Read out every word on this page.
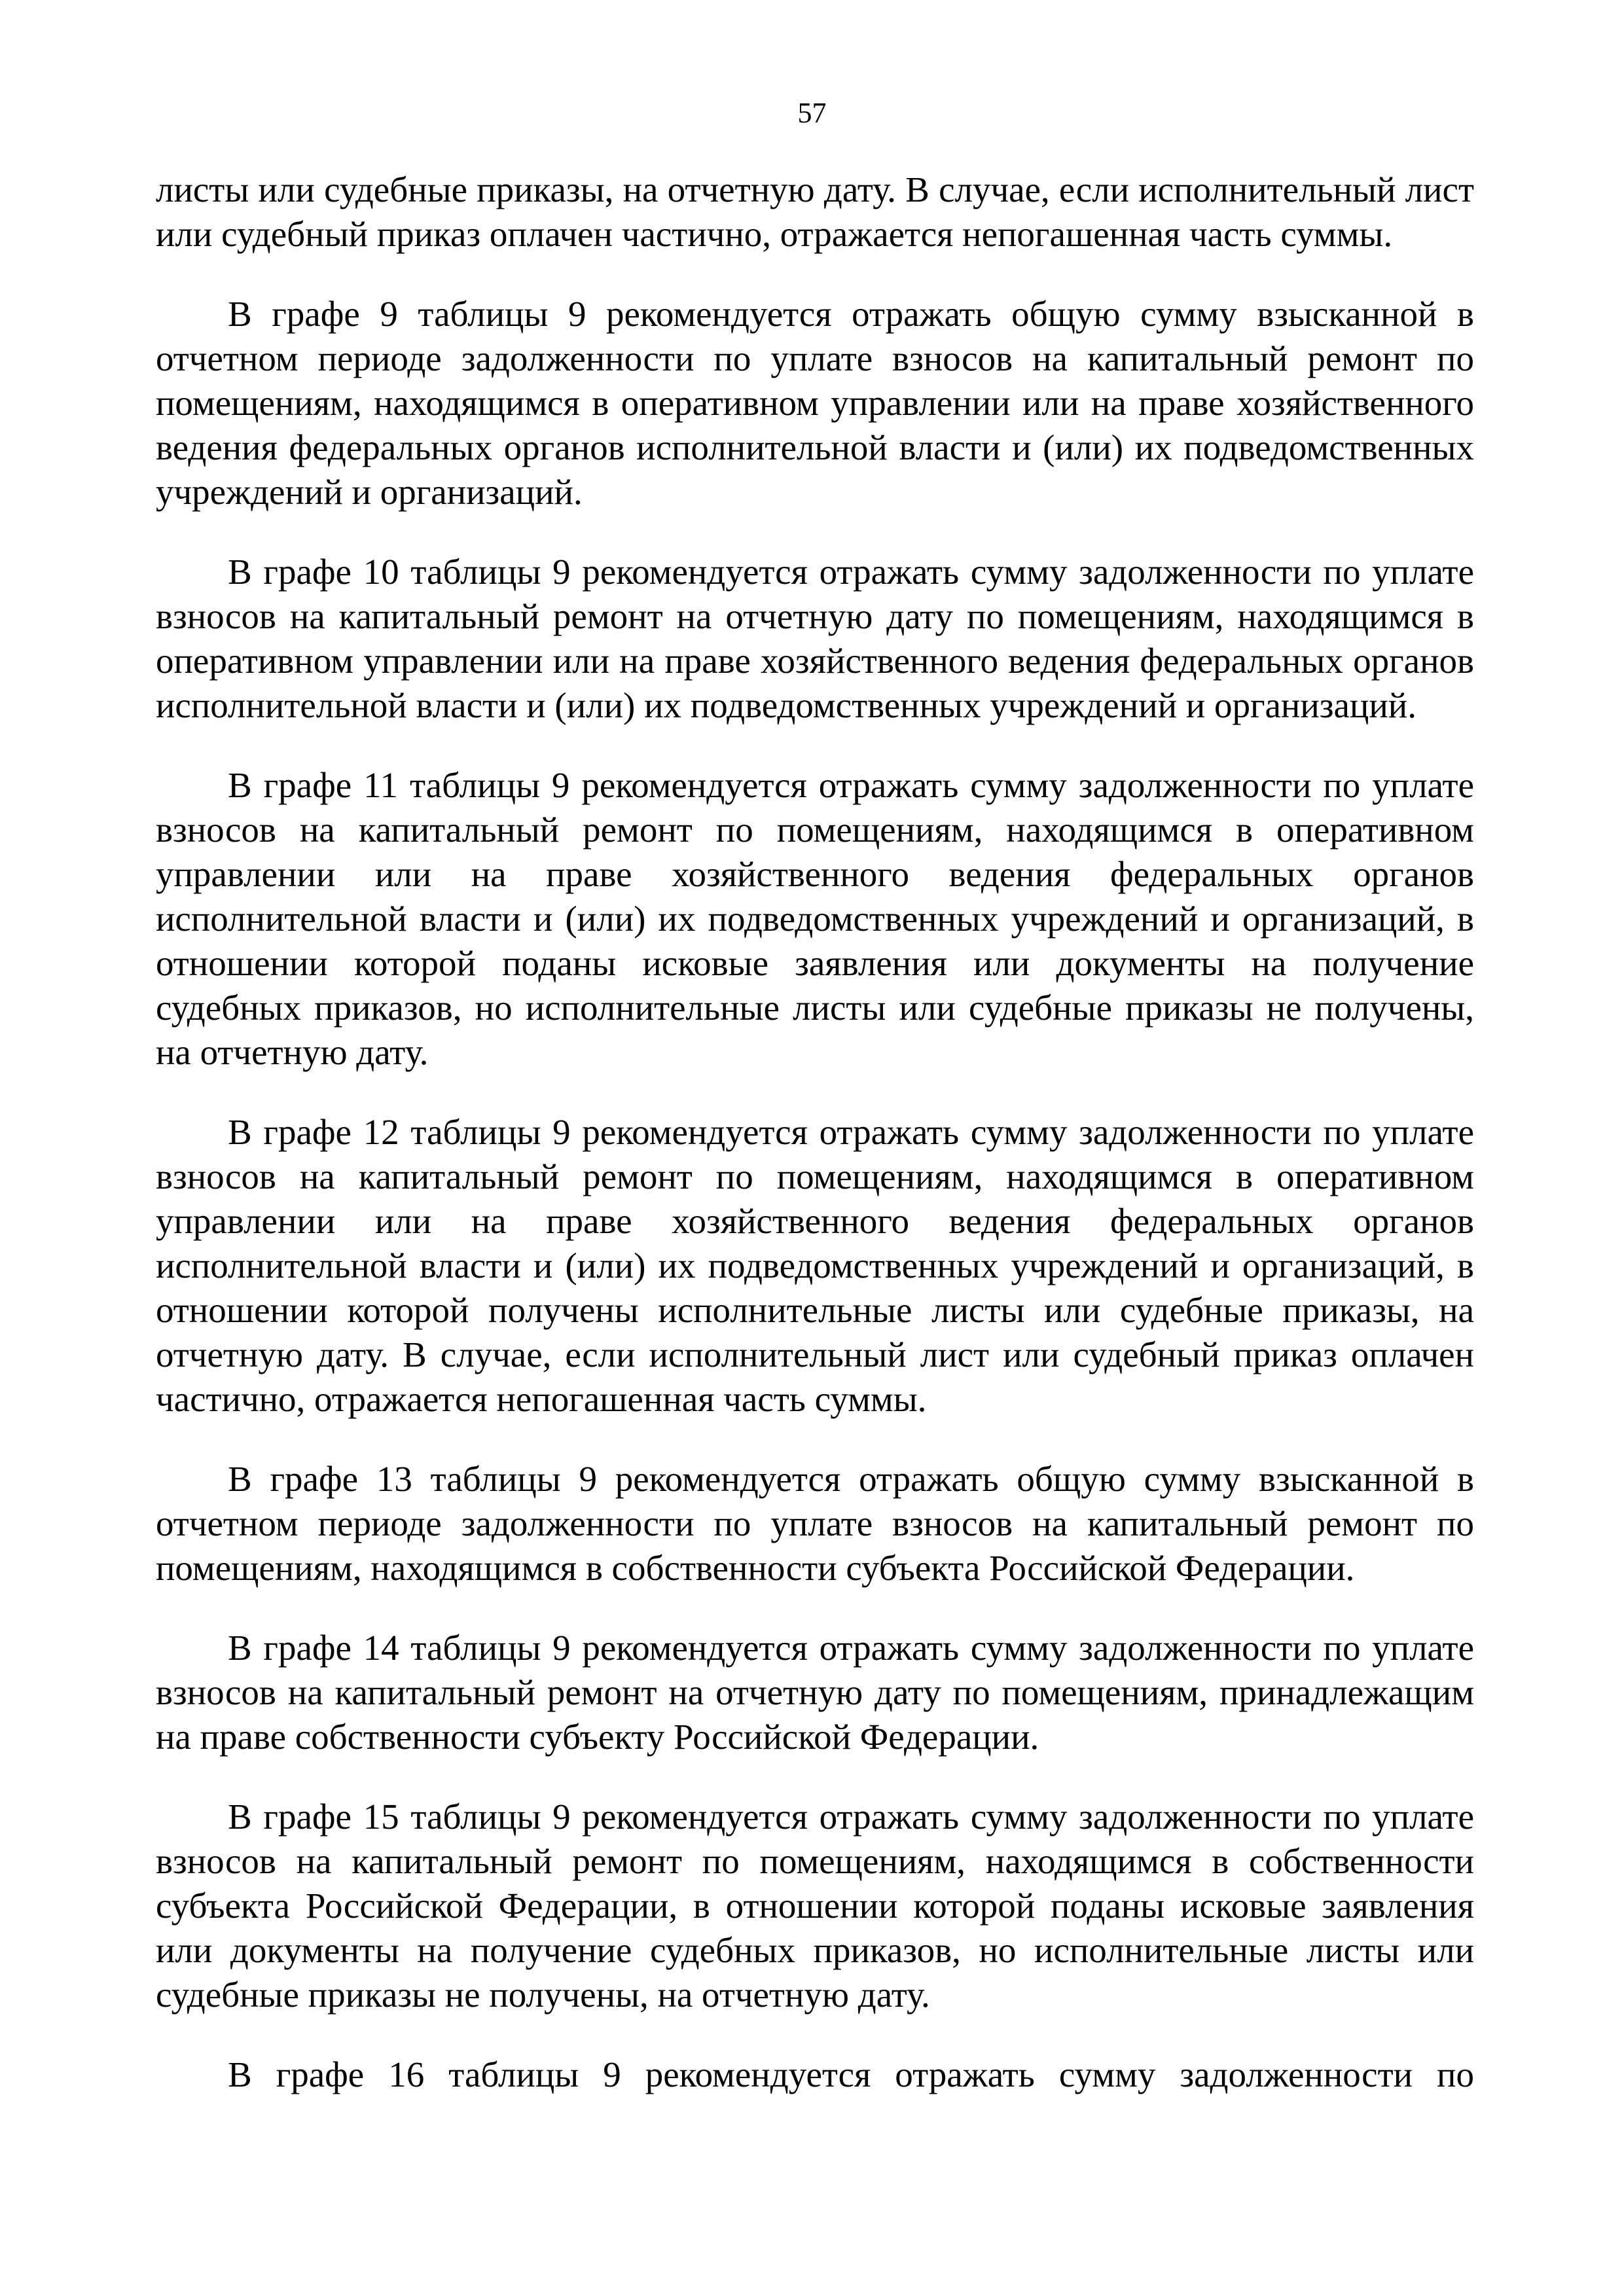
57

листы или судебные приказы, на отчетную дату. В случае, если исполнительный лист или судебный приказ оплачен частично, отражается непогашенная часть суммы.

В графе 9 таблицы 9 рекомендуется отражать общую сумму взысканной в отчетном периоде задолженности по уплате взносов на капитальный ремонт по помещениям, находящимся в оперативном управлении или на праве хозяйственного ведения федеральных органов исполнительной власти и (или) их подведомственных учреждений и организаций.

В графе 10 таблицы 9 рекомендуется отражать сумму задолженности по уплате взносов на капитальный ремонт на отчетную дату по помещениям, находящимся в оперативном управлении или на праве хозяйственного ведения федеральных органов исполнительной власти и (или) их подведомственных учреждений и организаций.

В графе 11 таблицы 9 рекомендуется отражать сумму задолженности по уплате взносов на капитальный ремонт по помещениям, находящимся в оперативном управлении или на праве хозяйственного ведения федеральных органов исполнительной власти и (или) их подведомственных учреждений и организаций, в отношении которой поданы исковые заявления или документы на получение судебных приказов, но исполнительные листы или судебные приказы не получены, на отчетную дату.

В графе 12 таблицы 9 рекомендуется отражать сумму задолженности по уплате взносов на капитальный ремонт по помещениям, находящимся в оперативном управлении или на праве хозяйственного ведения федеральных органов исполнительной власти и (или) их подведомственных учреждений и организаций, в отношении которой получены исполнительные листы или судебные приказы, на отчетную дату. В случае, если исполнительный лист или судебный приказ оплачен частично, отражается непогашенная часть суммы.

В графе 13 таблицы 9 рекомендуется отражать общую сумму взысканной в отчетном периоде задолженности по уплате взносов на капитальный ремонт по помещениям, находящимся в собственности субъекта Российской Федерации.

В графе 14 таблицы 9 рекомендуется отражать сумму задолженности по уплате взносов на капитальный ремонт на отчетную дату по помещениям, принадлежащим на праве собственности субъекту Российской Федерации.

В графе 15 таблицы 9 рекомендуется отражать сумму задолженности по уплате взносов на капитальный ремонт по помещениям, находящимся в собственности субъекта Российской Федерации, в отношении которой поданы исковые заявления или документы на получение судебных приказов, но исполнительные листы или судебные приказы не получены, на отчетную дату.

В графе 16 таблицы 9 рекомендуется отражать сумму задолженности по
